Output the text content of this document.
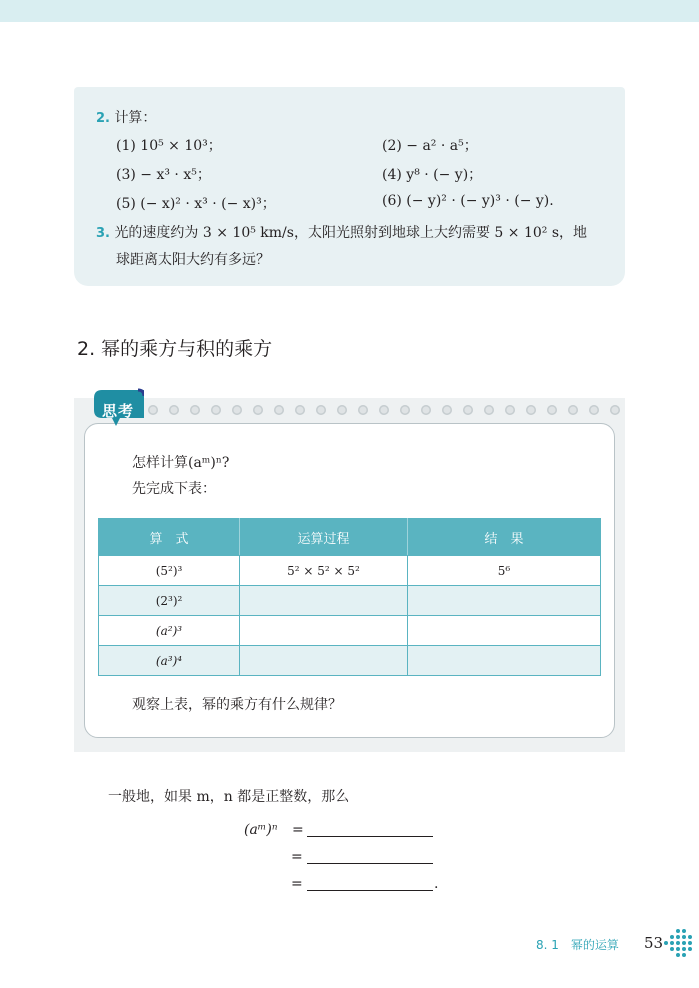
2. 计算：
(1) 10⁵ × 10³；	(2) − a² · a⁵；
(3) − x³ · x⁵；	(4) y⁸ · (− y)；
(5) (− x)² · x³ · (− x)³；	(6) (− y)² · (− y)³ · (− y).
3. 光的速度约为 3 × 10⁵ km/s，太阳光照射到地球上大约需要 5 × 10² s，地
球距离太阳大约有多远？
2. 幂的乘方与积的乘方
思考
怎样计算(aᵐ)ⁿ?
先完成下表：
算　式	运算过程	结　果
(5²)³	5² × 5² × 5²	5⁶
(2³)²		
(a²)³		
(a³)⁴		
观察上表，幂的乘方有什么规律？
一般地，如果 m，n 都是正整数，那么
(aᵐ)ⁿ =
=
=	.
8. 1　幂的运算 53
